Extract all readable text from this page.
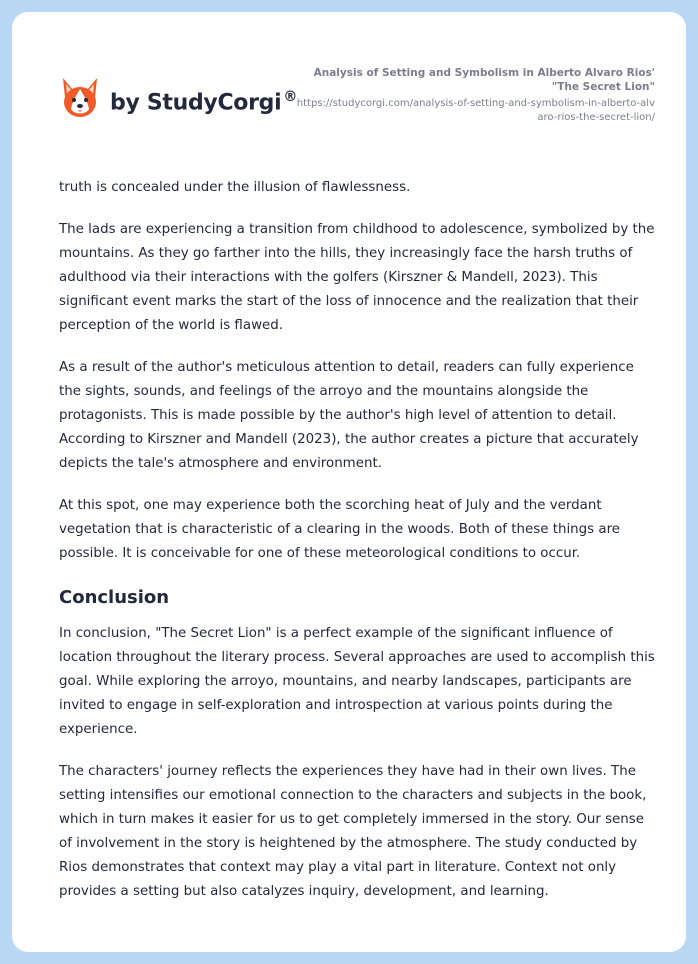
by StudyCorgi ®
Analysis of Setting and Symbolism in Alberto Alvaro Rios' "The Secret Lion"
https://studycorgi.com/analysis-of-setting-and-symbolism-in-alberto-alvaro-rios-the-secret-lion/

truth is concealed under the illusion of flawlessness.

The lads are experiencing a transition from childhood to adolescence, symbolized by the mountains. As they go farther into the hills, they increasingly face the harsh truths of adulthood via their interactions with the golfers (Kirszner & Mandell, 2023). This significant event marks the start of the loss of innocence and the realization that their perception of the world is flawed.

As a result of the author's meticulous attention to detail, readers can fully experience the sights, sounds, and feelings of the arroyo and the mountains alongside the protagonists. This is made possible by the author's high level of attention to detail. According to Kirszner and Mandell (2023), the author creates a picture that accurately depicts the tale's atmosphere and environment.

At this spot, one may experience both the scorching heat of July and the verdant vegetation that is characteristic of a clearing in the woods. Both of these things are possible. It is conceivable for one of these meteorological conditions to occur.

Conclusion

In conclusion, "The Secret Lion" is a perfect example of the significant influence of location throughout the literary process. Several approaches are used to accomplish this goal. While exploring the arroyo, mountains, and nearby landscapes, participants are invited to engage in self-exploration and introspection at various points during the experience.

The characters' journey reflects the experiences they have had in their own lives. The setting intensifies our emotional connection to the characters and subjects in the book, which in turn makes it easier for us to get completely immersed in the story. Our sense of involvement in the story is heightened by the atmosphere. The study conducted by Rios demonstrates that context may play a vital part in literature. Context not only provides a setting but also catalyzes inquiry, development, and learning.
